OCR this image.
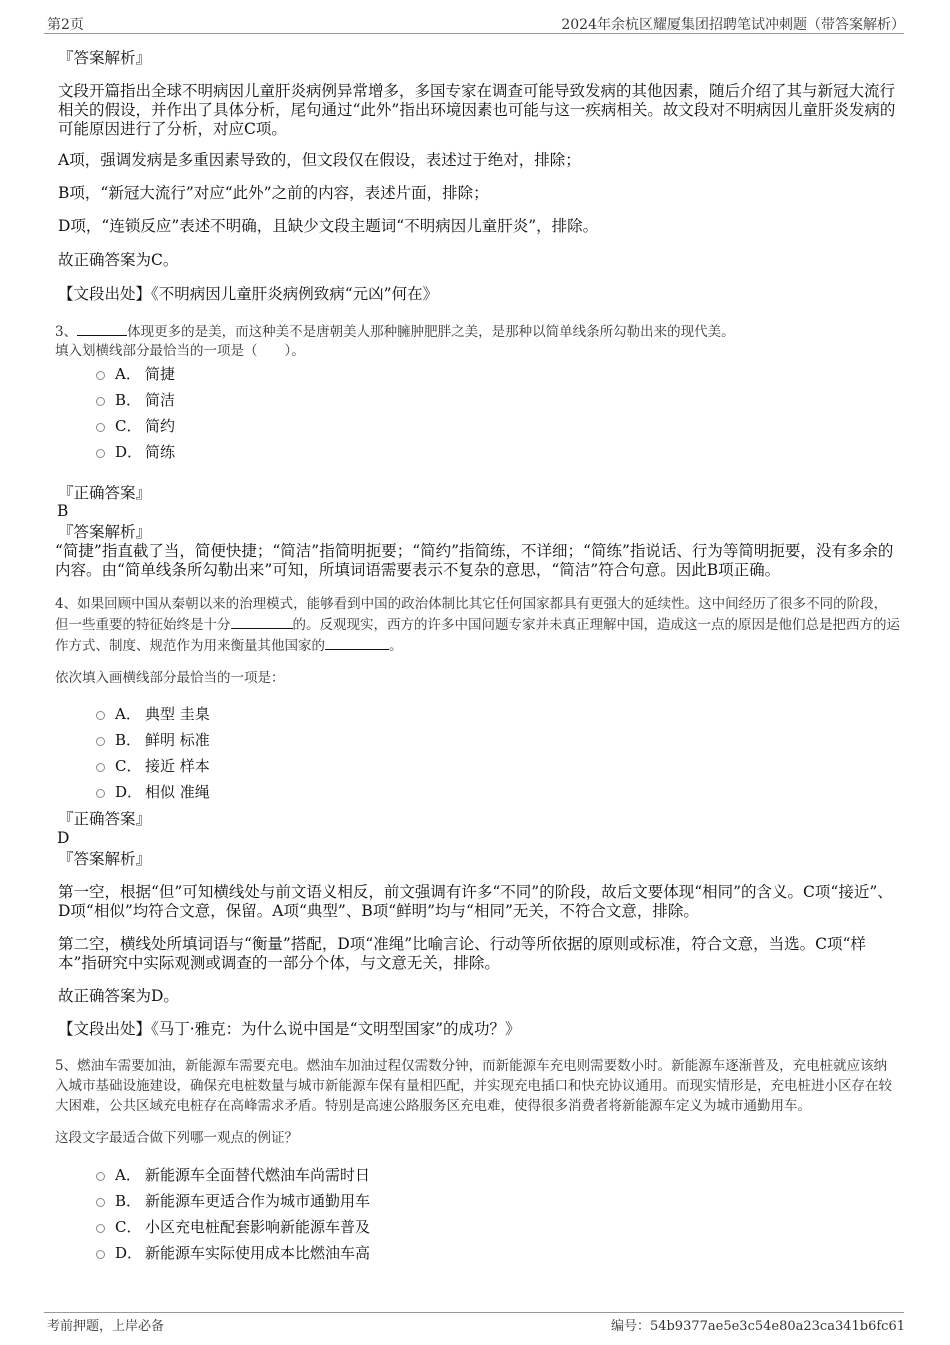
第2页	2024年余杭区耀厦集团招聘笔试冲刺题（带答案解析）
『答案解析』
文段开篇指出全球不明病因儿童肝炎病例异常增多，多国专家在调查可能导致发病的其他因素，随后介绍了其与新冠大流行相关的假设，并作出了具体分析，尾句通过“此外”指出环境因素也可能与这一疾病相关。故文段对不明病因儿童肝炎发病的可能原因进行了分析，对应C项。
A项，强调发病是多重因素导致的，但文段仅在假设，表述过于绝对，排除；
B项，“新冠大流行”对应“此外”之前的内容，表述片面，排除；
D项，“连锁反应”表述不明确，且缺少文段主题词“不明病因儿童肝炎”，排除。
故正确答案为C。
【文段出处】《不明病因儿童肝炎病例致病“元凶”何在》
3、	体现更多的是美，而这种美不是唐朝美人那种臃肿肥胖之美，是那种以简单线条所勾勒出来的现代美。
填入划横线部分最恰当的一项是（　　）。
A． 简捷
B． 简洁
C． 简约
D． 简练
『正确答案』
B
『答案解析』
“简捷”指直截了当，简便快捷；“简洁”指简明扼要；“简约”指简练，不详细；“简练”指说话、行为等简明扼要，没有多余的内容。由“简单线条所勾勒出来”可知，所填词语需要表示不复杂的意思，“简洁”符合句意。因此B项正确。
4、如果回顾中国从秦朝以来的治理模式，能够看到中国的政治体制比其它任何国家都具有更强大的延续性。这中间经历了很多不同的阶段，但一些重要的特征始终是十分	的。反观现实，西方的许多中国问题专家并未真正理解中国，造成这一点的原因是他们总是把西方的运作方式、制度、规范作为用来衡量其他国家的	。
依次填入画横线部分最恰当的一项是：
A． 典型 圭臬
B． 鲜明 标准
C． 接近 样本
D． 相似 准绳
『正确答案』
D
『答案解析』
第一空，根据“但”可知横线处与前文语义相反，前文强调有许多“不同”的阶段，故后文要体现“相同”的含义。C项“接近”、D项“相似”均符合文意，保留。A项“典型”、B项“鲜明”均与“相同”无关，不符合文意，排除。
第二空，横线处所填词语与“衡量”搭配，D项“准绳”比喻言论、行动等所依据的原则或标准，符合文意，当选。C项“样本”指研究中实际观测或调查的一部分个体，与文意无关，排除。
故正确答案为D。
【文段出处】《马丁·雅克：为什么说中国是“文明型国家”的成功？》
5、燃油车需要加油，新能源车需要充电。燃油车加油过程仅需数分钟，而新能源车充电则需要数小时。新能源车逐渐普及，充电桩就应该纳入城市基础设施建设，确保充电桩数量与城市新能源车保有量相匹配，并实现充电插口和快充协议通用。而现实情形是，充电桩进小区存在较大困难，公共区域充电桩存在高峰需求矛盾。特别是高速公路服务区充电难，使得很多消费者将新能源车定义为城市通勤用车。
这段文字最适合做下列哪一观点的例证？
A． 新能源车全面替代燃油车尚需时日
B． 新能源车更适合作为城市通勤用车
C． 小区充电桩配套影响新能源车普及
D． 新能源车实际使用成本比燃油车高
考前押题，上岸必备	编号：54b9377ae5e3c54e80a23ca341b6fc61
